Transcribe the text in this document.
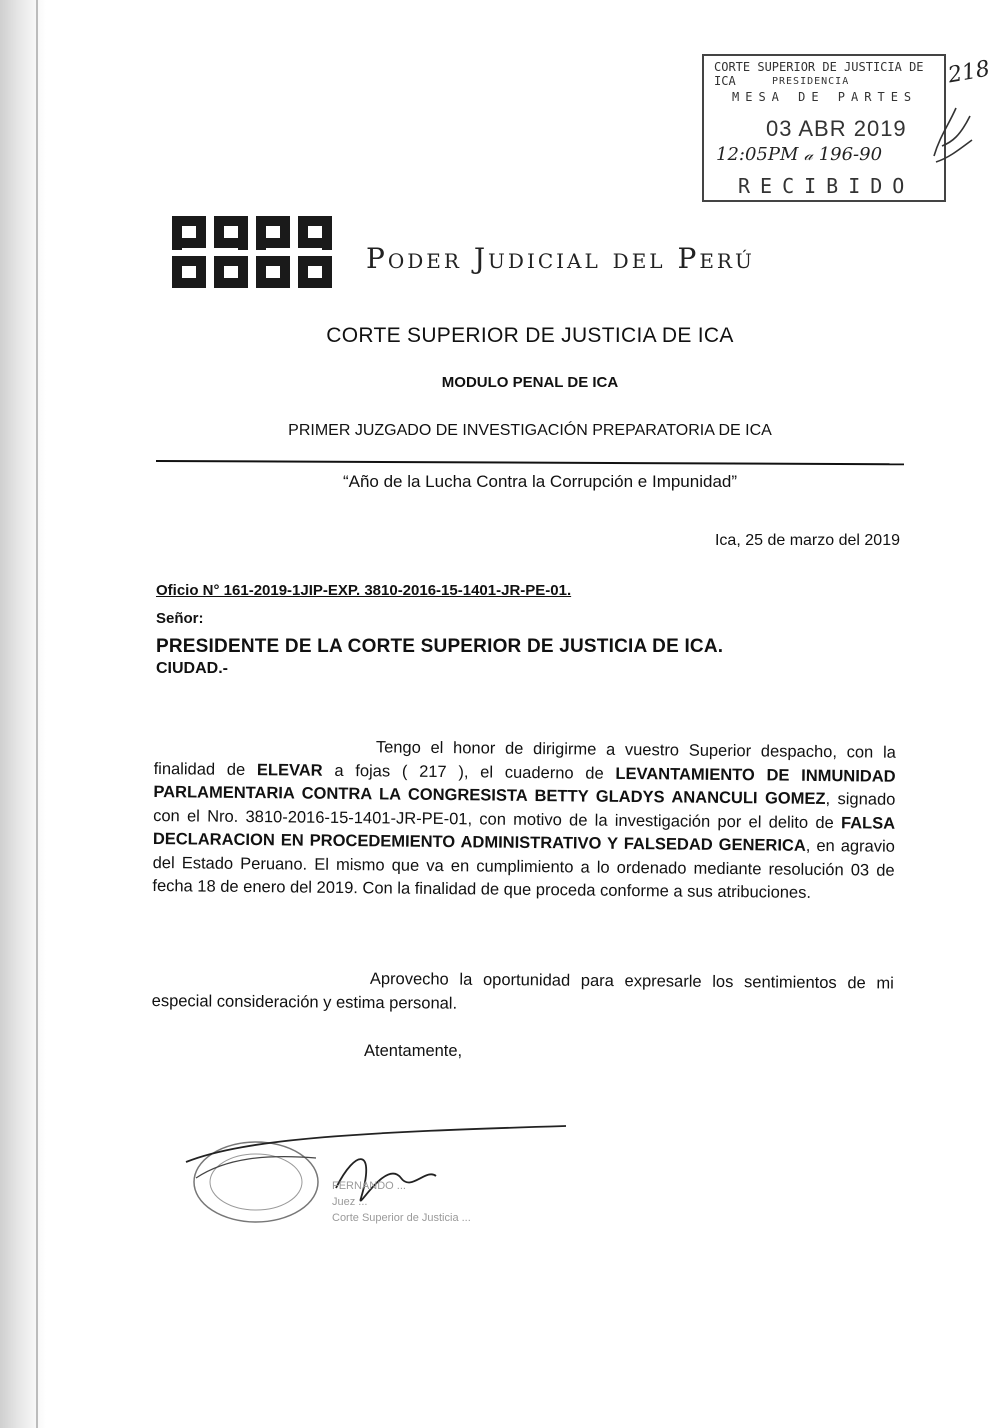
CORTE SUPERIOR DE JUSTICIA DE ICA	PRESIDENCIA
MESA DE PARTES
03 ABR 2019
12:05PM 𝒶 196-90
RECIBIDO
218
Poder Judicial del Perú
CORTE SUPERIOR DE JUSTICIA DE ICA
MODULO PENAL DE ICA
PRIMER JUZGADO DE INVESTIGACIÓN PREPARATORIA DE ICA
“Año de la Lucha Contra la Corrupción e Impunidad”
Ica, 25 de marzo del 2019
Oficio N° 161-2019-1JIP-EXP. 3810-2016-15-1401-JR-PE-01.
Señor:
PRESIDENTE DE LA CORTE SUPERIOR DE JUSTICIA DE ICA.
CIUDAD.-

Tengo el honor de dirigirme a vuestro Superior despacho, con la finalidad de ELEVAR a fojas ( 217 ), el cuaderno de LEVANTAMIENTO DE INMUNIDAD PARLAMENTARIA CONTRA LA CONGRESISTA BETTY GLADYS ANANCULI GOMEZ, signado con el Nro. 3810-2016-15-1401-JR-PE-01, con motivo de la investigación por el delito de FALSA DECLARACION EN PROCEDEMIENTO ADMINISTRATIVO Y FALSEDAD GENERICA, en agravio del Estado Peruano. El mismo que va en cumplimiento a lo ordenado mediante resolución 03 de fecha 18 de enero del 2019. Con la finalidad de que proceda conforme a sus atribuciones.

Aprovecho la oportunidad para expresarle los sentimientos de mi especial consideración y estima personal.

Atentamente,
FERNANDO ...
Juez ...
Corte Superior de Justicia ...
